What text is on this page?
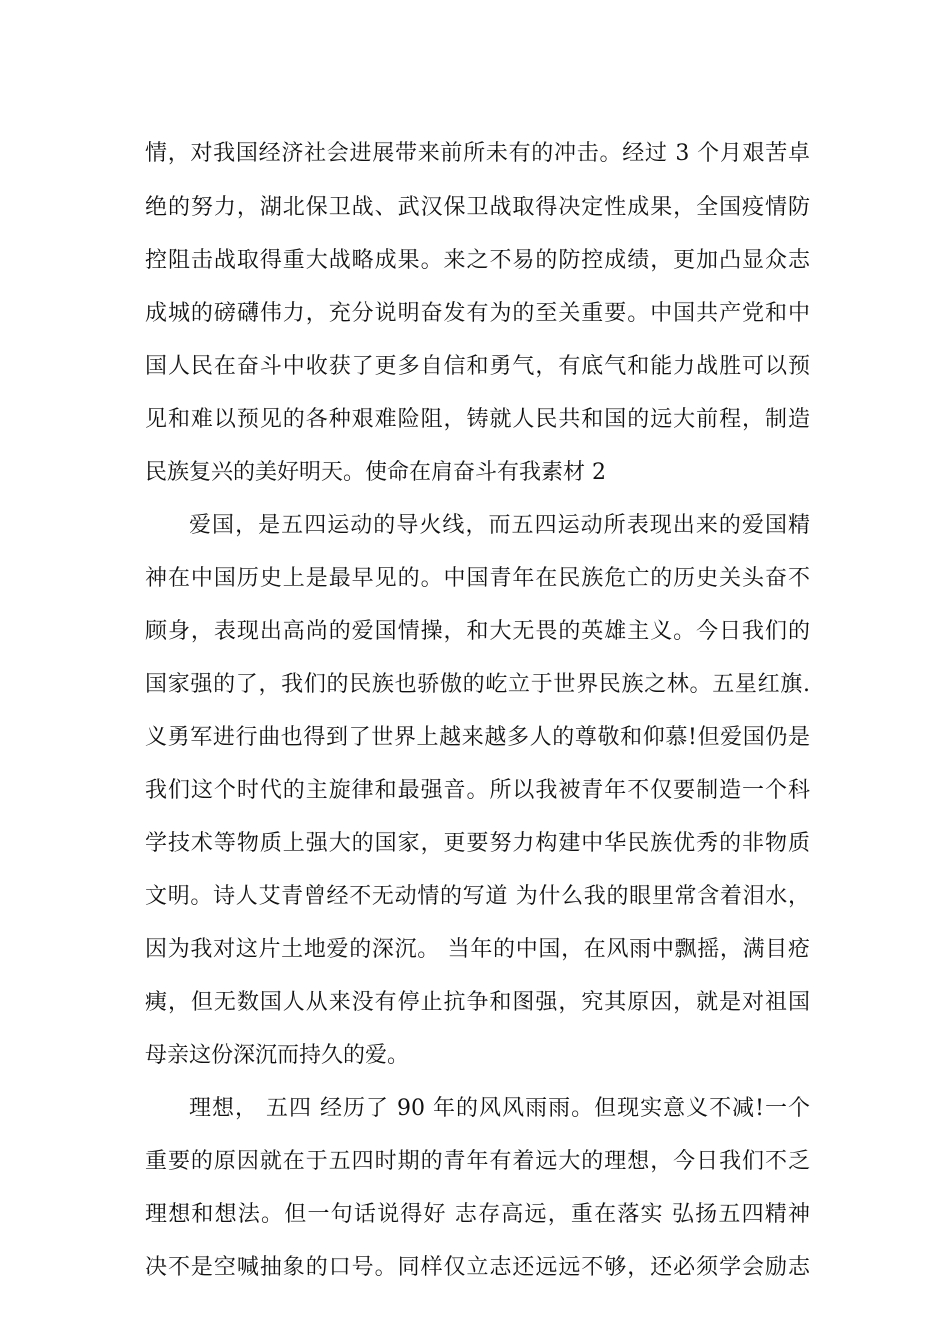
情，对我国经济社会进展带来前所未有的冲击。经过 3 个月艰苦卓
绝的努力，湖北保卫战、武汉保卫战取得决定性成果，全国疫情防
控阻击战取得重大战略成果。来之不易的防控成绩，更加凸显众志
成城的磅礴伟力，充分说明奋发有为的至关重要。中国共产党和中
国人民在奋斗中收获了更多自信和勇气，有底气和能力战胜可以预
见和难以预见的各种艰难险阻，铸就人民共和国的远大前程，制造
民族复兴的美好明天。使命在肩奋斗有我素材 2
爱国，是五四运动的导火线，而五四运动所表现出来的爱国精
神在中国历史上是最早见的。中国青年在民族危亡的历史关头奋不
顾身，表现出高尚的爱国情操，和大无畏的英雄主义。今日我们的
国家强的了，我们的民族也骄傲的屹立于世界民族之林。五星红旗.
义勇军进行曲也得到了世界上越来越多人的尊敬和仰慕!但爱国仍是
我们这个时代的主旋律和最强音。所以我被青年不仅要制造一个科
学技术等物质上强大的国家，更要努力构建中华民族优秀的非物质
文明。诗人艾青曾经不无动情的写道 为什么我的眼里常含着泪水，
因为我对这片土地爱的深沉。 当年的中国，在风雨中飘摇，满目疮
痍，但无数国人从来没有停止抗争和图强，究其原因，就是对祖国
母亲这份深沉而持久的爱。
理想， 五四 经历了 90 年的风风雨雨。但现实意义不减!一个
重要的原因就在于五四时期的青年有着远大的理想，今日我们不乏
理想和想法。但一句话说得好 志存高远，重在落实 弘扬五四精神
决不是空喊抽象的口号。同样仅立志还远远不够，还必须学会励志
